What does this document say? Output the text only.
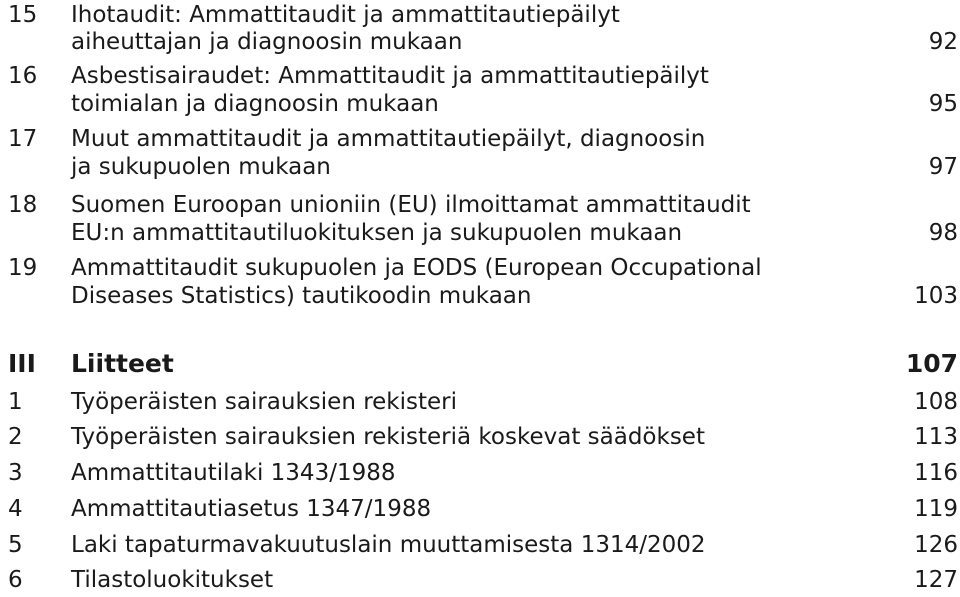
15 Ihotaudit: Ammattitaudit ja ammattitautiepäilyt
aiheuttajan ja diagnoosin mukaan	92
16 Asbestisairaudet: Ammattitaudit ja ammattitautiepäilyt
toimialan ja diagnoosin mukaan	95
17 Muut ammattitaudit ja ammattitautiepäilyt, diagnoosin
ja sukupuolen mukaan	97
18 Suomen Euroopan unioniin (EU) ilmoittamat ammattitaudit
EU:n ammattitautiluokituksen ja sukupuolen mukaan	98
19 Ammattitaudit sukupuolen ja EODS (European Occupational
Diseases Statistics) tautikoodin mukaan	103
III Liitteet	107
1 Työperäisten sairauksien rekisteri	108
2 Työperäisten sairauksien rekisteriä koskevat säädökset	113
3 Ammattitautilaki 1343/1988	116
4 Ammattitautiasetus 1347/1988	119
5 Laki tapaturmavakuutuslain muuttamisesta 1314/2002	126
6 Tilastoluokitukset	127
